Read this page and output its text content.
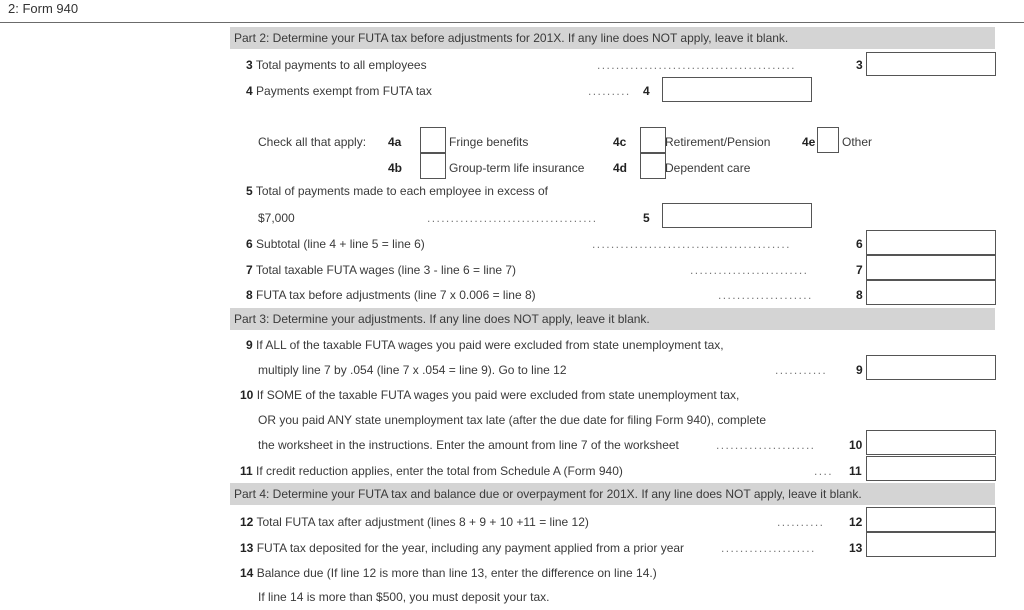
2: Form 940
Part 2: Determine your FUTA tax before adjustments for 201X. If any line does NOT apply, leave it blank.
3 Total payments to all employees	..........................................	3
4 Payments exempt from FUTA tax	.........	4
Check all that apply: 4a	Fringe benefits	4c	Retirement/Pension	4e Other
4b	Group-term life insurance 4d	Dependent care
5 Total of payments made to each employee in excess of
$7,000	....................................	5
6 Subtotal (line 4 + line 5 = line 6)	..........................................	6
7 Total taxable FUTA wages (line 3 - line 6 = line 7)	.........................	7
8 FUTA tax before adjustments (line 7 x 0.006 = line 8)	....................	8
Part 3: Determine your adjustments. If any line does NOT apply, leave it blank.
9 If ALL of the taxable FUTA wages you paid were excluded from state unemployment tax,
multiply line 7 by .054 (line 7 x .054 = line 9). Go to line 12	...........	9
10 If SOME of the taxable FUTA wages you paid were excluded from state unemployment tax,
OR you paid ANY state unemployment tax late (after the due date for filing Form 940), complete
the worksheet in the instructions. Enter the amount from line 7 of the worksheet	.....................	10
11 If credit reduction applies, enter the total from Schedule A (Form 940)	....	11
Part 4: Determine your FUTA tax and balance due or overpayment for 201X. If any line does NOT apply, leave it blank.
12 Total FUTA tax after adjustment (lines 8 + 9 + 10 +11 = line 12)	..........	12
13 FUTA tax deposited for the year, including any payment applied from a prior year	....................	13
14 Balance due (If line 12 is more than line 13, enter the difference on line 14.)
If line 14 is more than $500, you must deposit your tax.
